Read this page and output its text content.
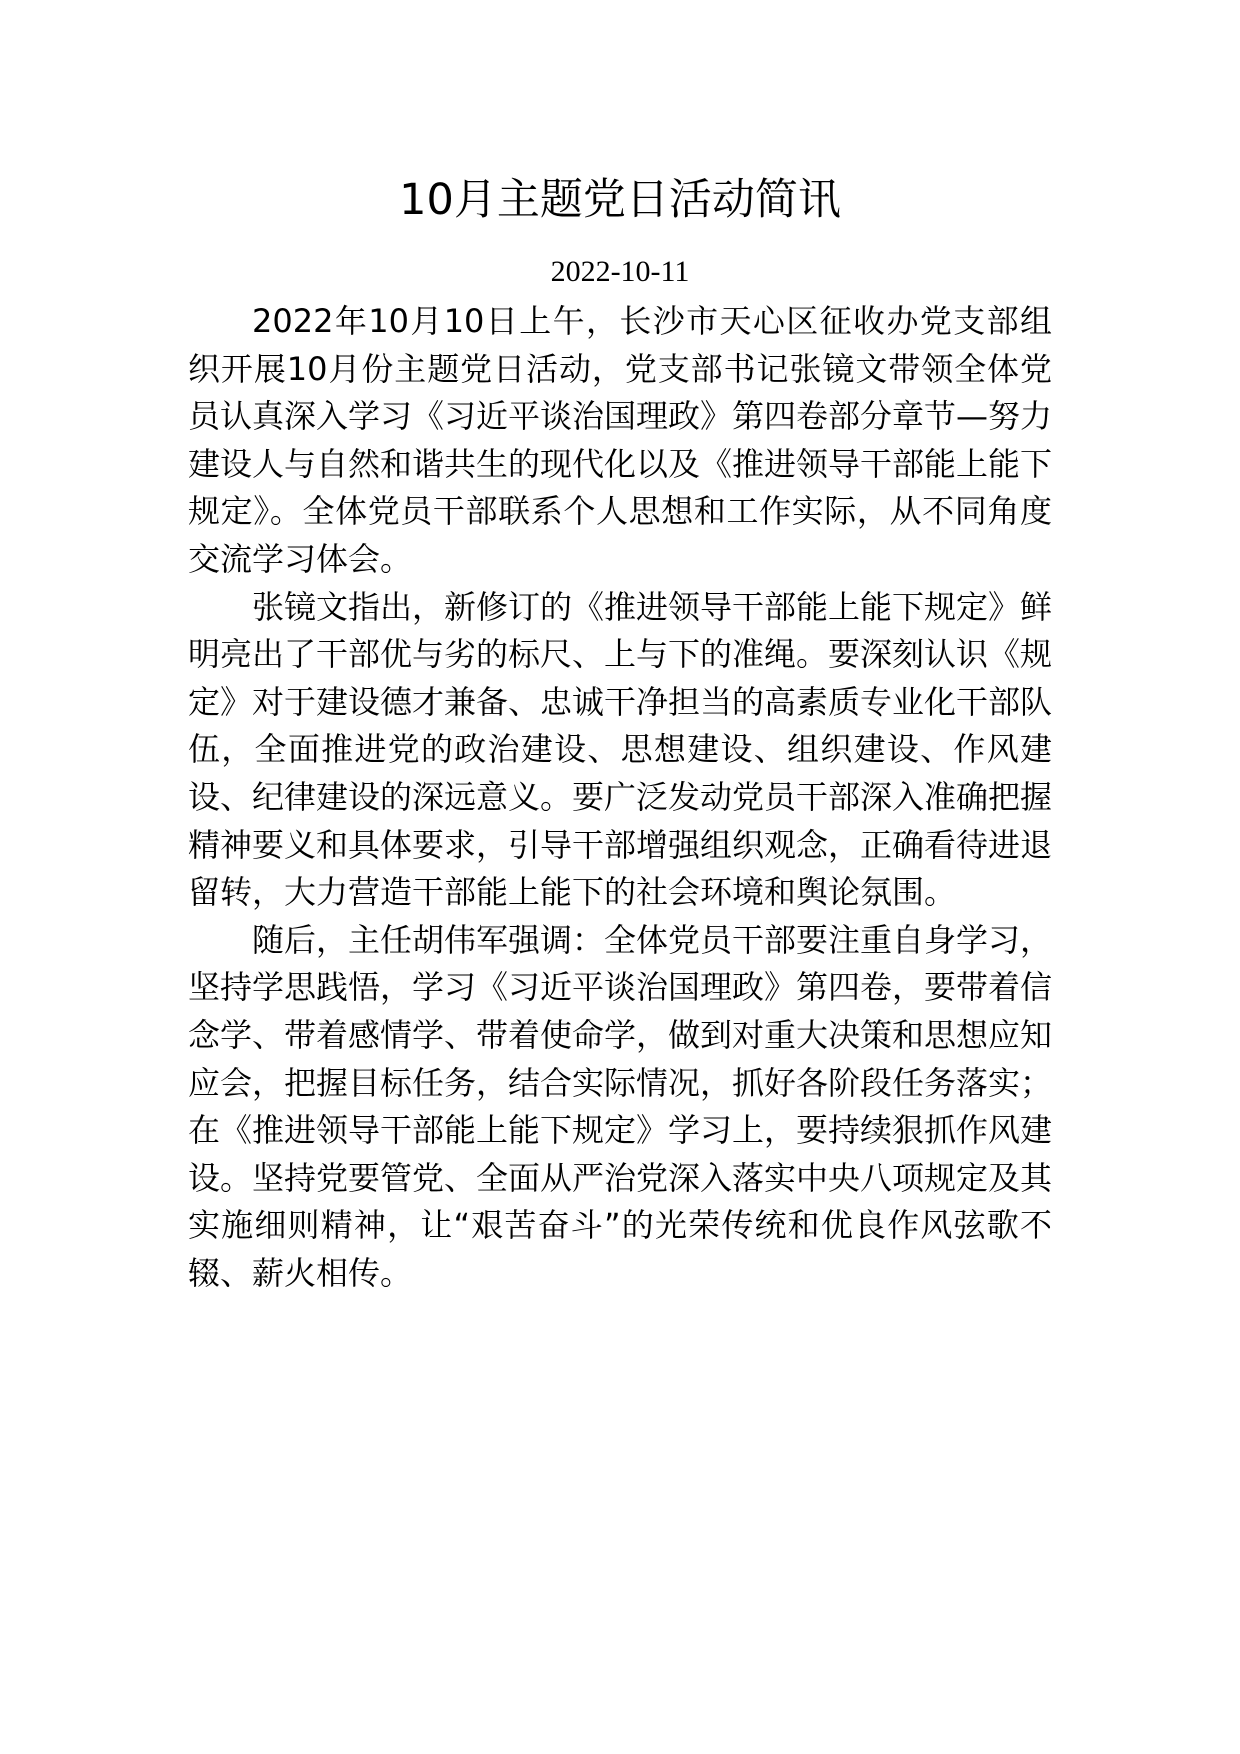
10月主题党日活动简讯
2022-10-11

2022年10月10日上午，长沙市天心区征收办党支部组织开展10月份主题党日活动，党支部书记张镜文带领全体党员认真深入学习《习近平谈治国理政》第四卷部分章节—努力建设人与自然和谐共生的现代化以及《推进领导干部能上能下规定》。全体党员干部联系个人思想和工作实际，从不同角度交流学习体会。

张镜文指出，新修订的《推进领导干部能上能下规定》鲜明亮出了干部优与劣的标尺、上与下的准绳。要深刻认识《规定》对于建设德才兼备、忠诚干净担当的高素质专业化干部队伍，全面推进党的政治建设、思想建设、组织建设、作风建设、纪律建设的深远意义。要广泛发动党员干部深入准确把握精神要义和具体要求，引导干部增强组织观念，正确看待进退留转，大力营造干部能上能下的社会环境和舆论氛围。

随后，主任胡伟军强调：全体党员干部要注重自身学习，坚持学思践悟，学习《习近平谈治国理政》第四卷，要带着信念学、带着感情学、带着使命学，做到对重大决策和思想应知应会，把握目标任务，结合实际情况，抓好各阶段任务落实；在《推进领导干部能上能下规定》学习上，要持续狠抓作风建设。坚持党要管党、全面从严治党深入落实中央八项规定及其实施细则精神，让“艰苦奋斗”的光荣传统和优良作风弦歌不辍、薪火相传。
